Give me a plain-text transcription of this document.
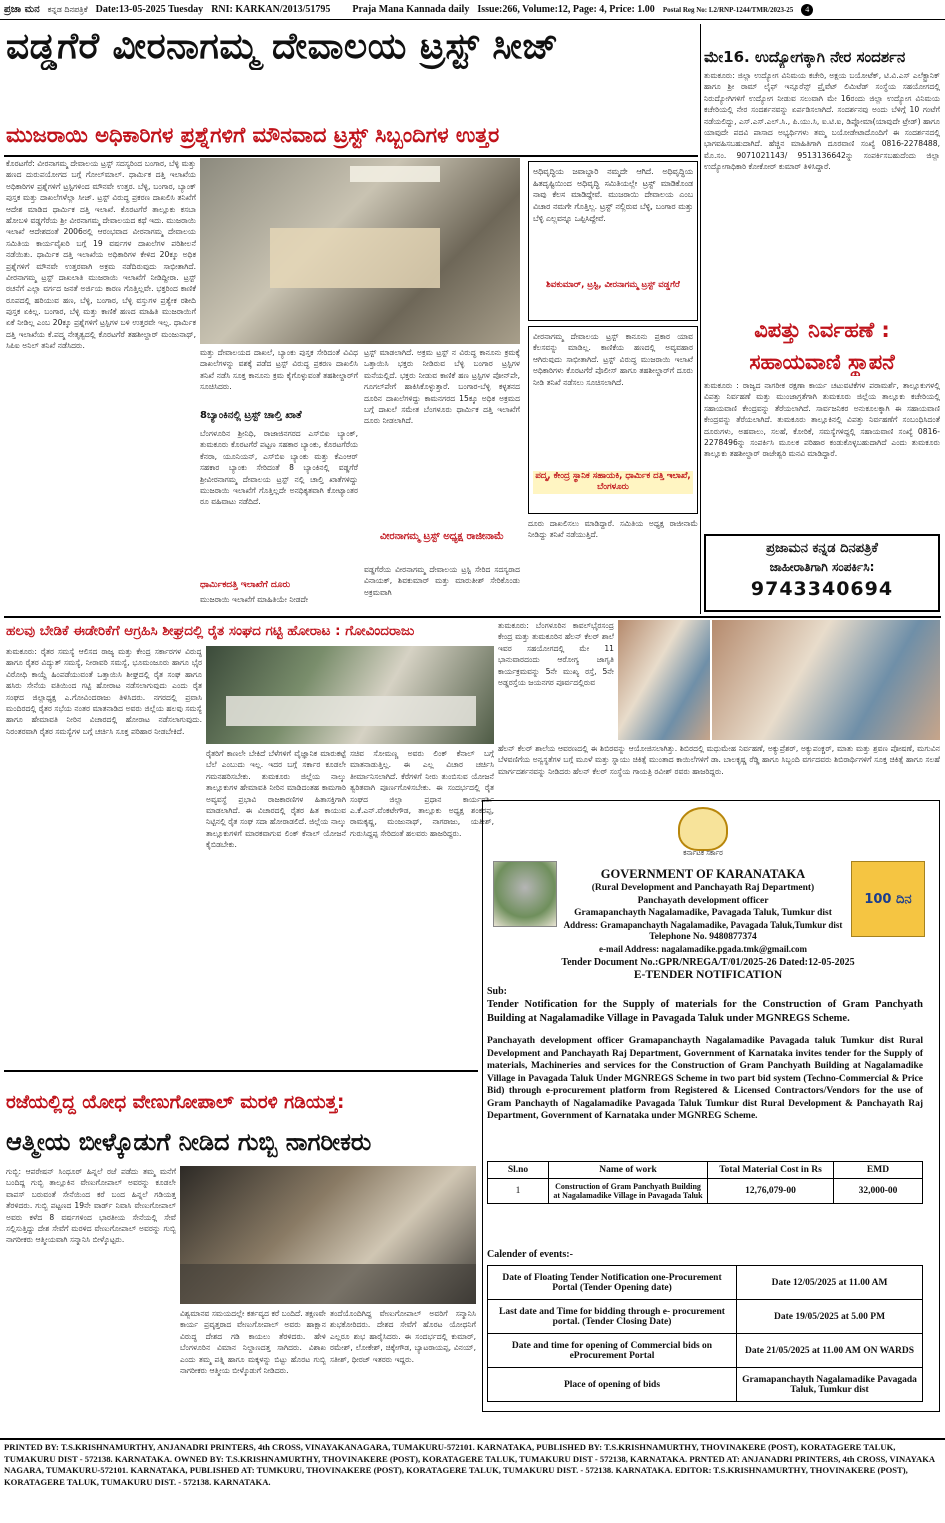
ಪ್ರಜಾ ಮನ ಕನ್ನಡ ದಿನಪತ್ರಿಕೆ Date:13-05-2025 Tuesday RNI: KARKAN/2013/51795 Praja Mana Kannada daily Issue:266, Volume:12, Page: 4, Price: 1.00 Postal Reg No: L2/RNP-1244/TMR/2023-25	4
ವಡ್ಡಗೆರೆ ವೀರನಾಗಮ್ಮ ದೇವಾಲಯ ಟ್ರಸ್ಟ್ ಸೀಜ್
ಮುಜರಾಯಿ ಅಧಿಕಾರಿಗಳ ಪ್ರಶ್ನೆಗಳಿಗೆ ಮೌನವಾದ ಟ್ರಸ್ಟ್ ಸಿಬ್ಬಂದಿಗಳ ಉತ್ತರ
ಕೊರಟಗೆರೆ: ವೀರನಾಗಮ್ಮ ದೇವಾಲಯ ಟ್ರಸ್ಟ್ ಸದಸ್ಯರಿಂದ ಬಂಗಾರ, ಬೆಳ್ಳಿ ಮತ್ತು ಹಣದ ದುರುಪಯೋಗದ ಬಗ್ಗೆ ಗೋಲ್‌ಮಾಲ್. ಧಾರ್ಮಿಕ ದತ್ತಿ ಇಲಾಖೆಯ ಅಧಿಕಾರಿಗಳ ಪ್ರಶ್ನೆಗಳಿಗೆ ಟ್ರಸ್ಟಿಗಳಿಂದ ಮೌನವೇ ಉತ್ತರ. ಬೆಳ್ಳಿ, ಬಂಗಾರ, ಬ್ಯಾಂಕ್ ಪುಸ್ತಕ ಮತ್ತು ದಾಖಲೆಗಳೆಲ್ಲಾ ಸೀಜ್. ಟ್ರಸ್ಟ್ ವಿರುದ್ಧ ಪ್ರಕರಣ ದಾಖಲಿಸಿ ತನಿಖೆಗೆ ಆದೇಶ ಮಾಡಿದ ಧಾರ್ಮಿಕ ದತ್ತಿ ಇಲಾಖೆ. ಕೊರಟಗೆರೆ ತಾಲ್ಲೂಕು ಕಸಬಾ ಹೋಬಳಿ ವಡ್ಡಗೆರೆಯ ಶ್ರೀ ವೀರನಾಗಮ್ಮ ದೇವಾಲಯದ ಕಥೆ ಇದು. ಮುಜರಾಯಿ ಇಲಾಖೆ ಆದೇಶದಂತೆ 2006ರಲ್ಲಿ ಆರಂಭವಾದ ವೀರನಾಗಮ್ಮ ದೇವಾಲಯ ಸಮಿತಿಯ ಕಾರ್ಯವೈಖರಿ ಬಗ್ಗೆ 19 ವರ್ಷಗಳ ದಾಖಲೆಗಳ ಪರಿಶೀಲನೆ ನಡೆಯಿತು. ಧಾರ್ಮಿಕ ದತ್ತಿ ಇಲಾಖೆಯ ಅಧಿಕಾರಿಗಳ ಕೇಳಿದ 20ಕ್ಕೂ ಅಧಿಕ ಪ್ರಶ್ನೆಗಳಿಗೆ ಮೌನವೇ ಉತ್ತರವಾಗಿ ಅಕ್ರಮ ನಡೆದಿರುವುದು ಸಾಭೀತಾಗಿದೆ. ವೀರನಾಗಮ್ಮ ಟ್ರಸ್ಟ್ ದಾಖಲಾತಿ ಮುಜರಾಯಿ ಇಲಾಖೆಗೆ ನೀಡಿದ್ದೀರಾ. ಟ್ರಸ್ಟ್ ರಚನೆಗೆ ಎಲ್ಲಾ ವರ್ಗದ ಜನತೆ ಅರ್ಜಿಯ ಕಾರಣ ಗೊತ್ತಿಲ್ಲವೇ. ಭಕ್ತರಿಂದ ಕಾಣಿಕೆ ರೂಪದಲ್ಲಿ ಹರಿಯುವ ಹಣ, ಬೆಳ್ಳಿ, ಬಂಗಾರ, ಬೆಳ್ಳಿ ವಸ್ತುಗಳ ಪ್ರತ್ಯೇಕ ರಶೀದಿ ಪುಸ್ತಕ ಏಕಿಲ್ಲ. ಬಂಗಾರ, ಬೆಳ್ಳಿ ಮತ್ತು ಕಾಣಿಕೆ ಹಣದ ಮಾಹಿತಿ ಮುಜರಾಯಿಗೆ ಏಕೆ ನೀಡಿಲ್ಲ ಎಂಬ 20ಕ್ಕೂ ಪ್ರಶ್ನೆಗಳಿಗೆ ಟ್ರಸ್ಟಿಗಳ ಬಳಿ ಉತ್ತರವೇ ಇಲ್ಲ. ಧಾರ್ಮಿಕ ದತ್ತಿ ಇಲಾಖೆಯ ಕೆ.ಪದ್ಮ ನೇತೃತ್ವದಲ್ಲಿ ಕೊರಟಗೆರೆ ತಹಶೀಲ್ದಾರ್ ಮಂಜುನಾಥ್, ಸಿಪಿಐ ಅನಿಲ್ ತನಿಖೆ ನಡೆಸಿದರು.
ಮತ್ತು ದೇವಾಲಯದ ದಾಖಲೆ, ಬ್ಯಾಂಕು ಪುಸ್ತಕ ಸೇರಿದಂತೆ ವಿವಿಧ ದಾಖಲೆಗಳನ್ನು ವಶಕ್ಕೆ ಪಡೆದ ಟ್ರಸ್ಟ್ ವಿರುದ್ಧ ಪ್ರಕರಣ ದಾಖಲಿಸಿ ತನಿಖೆ ನಡೆಸಿ ಸೂಕ್ತ ಕಾನೂನು ಕ್ರಮ ಕೈಗೊಳ್ಳುವಂತೆ ತಹಶೀಲ್ದಾರ್‌ಗೆ ಸೂಚಿಸಿದರು.
8ಬ್ಯಾಂಕಿನಲ್ಲಿ ಟ್ರಸ್ಟ್ ಚಾಲ್ತಿ ಖಾತೆ
ಬೆಂಗಳೂರಿನ ಶ್ರೀನಿಧಿ, ರಾಜಾಜಿನಗರದ ಎಸ್‌ಬಿಐ ಬ್ಯಾಂಕ್, ತುಮಕೂರು ಕೊರಟಗೆರೆ ಪಟ್ಟಣ ಸಹಕಾರ ಬ್ಯಾಂಕು, ಕೊರಟಗೆರೆಯ ಕೆನರಾ, ಯೂನಿಯನ್, ಎಸ್‌ಬಿಐ ಬ್ಯಾಂಕು ಮತ್ತು ಕೆಎಂಆರ್ ಸಹಕಾರ ಬ್ಯಾಂಕು ಸೇರಿದಂತೆ 8 ಬ್ಯಾಂಕಿನಲ್ಲಿ ವಡ್ಡಗೆರೆ ಶ್ರೀವೀರನಾಗಮ್ಮ ದೇವಾಲಯ ಟ್ರಸ್ಟ್ ನಲ್ಲಿ ಚಾಲ್ತಿ ಖಾತೆಗಳಿದ್ದು ಮುಜರಾಯಿ ಇಲಾಖೆಗೆ ಗೊತ್ತಿಲ್ಲದೇ ಅನಧಿಕೃತವಾಗಿ ಕೋಟ್ಯಾಂತರ ರೂ ವಹಿವಾಟು ನಡೆದಿದೆ.
ಧಾರ್ಮಿಕದತ್ತಿ ಇಲಾಖೆಗೆ ದೂರು
ಮುಜರಾಯಿ ಇಲಾಖೆಗೆ ಮಾಹಿತಿಯೇ ನೀಡದೇ
ಟ್ರಸ್ಟ್ ಮಾಡಲಾಗಿದೆ. ಅಕ್ರಮ ಟ್ರಸ್ಟ್ ನ ವಿರುದ್ಧ ಕಾನೂನು ಕ್ರಮಕ್ಕೆ ಒತ್ತಾಯಿಸಿ ಭಕ್ತರು ನೀಡಿರುವ ಬೆಳ್ಳಿ ಬಂಗಾರ ಟ್ರಸ್ಟಿಗಳ ಮನೆಯಲ್ಲಿದೆ. ಭಕ್ತರು ನೀಡುವ ಕಾಣಿಕೆ ಹಣ ಟ್ರಸ್ಟಿಗಳ ಪೋನ್‌ಪೇ, ಗೂಗಲ್‌ಪೇಗೆ ಹಾಕಿಸಿಕೊಳ್ಳುತ್ತಾರೆ. ಬಂಗಾರ-ಬೆಳ್ಳಿ ಕಳ್ಳತನದ ದೂರಿನ ದಾಖಲೆಗಳಿದ್ದು ಕಾಮನಗರದ 15ಕ್ಕೂ ಅಧಿಕ ಅಕ್ರಮದ ಬಗ್ಗೆ ದಾಖಲೆ ಸಮೇತ ಬೆಂಗಳೂರು ಧಾರ್ಮಿಕ ದತ್ತಿ ಇಲಾಖೆಗೆ ದೂರು ನೀಡಲಾಗಿದೆ.
ವೀರನಾಗಮ್ಮ ಟ್ರಸ್ಟ್ ಅಧ್ಯಕ್ಷ ರಾಜೀನಾಮೆ
ವಡ್ಡಗೆರೆಯ ವೀರನಾಗಮ್ಮ ದೇವಾಲಯ ಟ್ರಸ್ಟಿ ಸೇರಿದ ಸದಸ್ಯರಾದ ವಿನಾಯಕ್, ಶಿವಕುಮಾರ್ ಮತ್ತು ಮಾರುತೀಶ್ ಸೇರಿಕೊಂಡು ಅಕ್ರಮವಾಗಿ
ಅಧಿವೃದ್ಧಿಯ ಜವಾಬ್ದಾರಿ ನಮ್ಮದೇ ಆಗಿದೆ. ಅಧಿವೃದ್ಧಿಯ ಹಿತದೃಷ್ಟಿಯಿಂದ ಅಧಿವೃದ್ಧಿ ಸಮಿತಿಯಲ್ಲೇ ಟ್ರಸ್ಟ್ ಮಾಡಿಕೊಂಡ ನಾವು ಕೆಲಸ ಮಾಡಿದ್ದೇವೆ. ಮುಜರಾಯಿ ದೇವಾಲಯ ಎಂಬ ವಿಚಾರ ನಮಗೇ ಗೊತ್ತಿಲ್ಲ. ಟ್ರಸ್ಟ್ ನಲ್ಲಿರುವ ಬೆಳ್ಳಿ, ಬಂಗಾರ ಮತ್ತು ಬೆಳ್ಳಿ ಎಲ್ಲವನ್ನೂ ಒಪ್ಪಿಸಿದ್ದೇವೆ.
ಶಿವಕುಮಾರ್, ಟ್ರಸ್ಟಿ, ವೀರನಾಗಮ್ಮ ಟ್ರಸ್ಟ್ ವಡ್ಡಗೆರೆ
ವೀರನಾಗಮ್ಮ ದೇವಾಲಯ ಟ್ರಸ್ಟ್ ಕಾನೂನು ಪ್ರಕಾರ ಯಾವ ಕೆಲಸವನ್ನು ಮಾಡಿಲ್ಲ. ಕಾಣಿಕೆಯ ಹಣದಲ್ಲಿ ಅವ್ಯವಹಾರ ಆಗಿರುವುದು ಸಾಭೀತಾಗಿದೆ. ಟ್ರಸ್ಟ್ ವಿರುದ್ಧ ಮುಜರಾಯಿ ಇಲಾಖೆ ಅಧಿಕಾರಿಗಳು ಕೊರಟಗೆರೆ ಪೊಲೀಸ್ ಹಾಗೂ ತಹಶೀಲ್ದಾರ್‌ಗೆ ದೂರು ನೀಡಿ ತನಿಖೆ ನಡೆಸಲು ಸೂಚಿಸಲಾಗಿದೆ.
ಪದ್ಮ, ಕೇಂದ್ರ ಸ್ಥಾನಿಕ ಸಹಾಯಕಿ, ಧಾರ್ಮಿಕ ದತ್ತಿ ಇಲಾಖೆ, ಬೆಂಗಳೂರು
ದೂರು ದಾಖಲಿಸಲು ಮಾಡಿದ್ದಾರೆ. ಸಮಿತಿಯ ಅಧ್ಯಕ್ಷ ರಾಜೀನಾಮೆ ನೀಡಿದ್ದು ತನಿಖೆ ನಡೆಯುತ್ತಿದೆ.
ಮೇ16. ಉದ್ಯೋಗಕ್ಕಾಗಿ ನೇರ ಸಂದರ್ಶನ
ತುಮಕೂರು: ಜಿಲ್ಲಾ ಉದ್ಯೋಗ ವಿನಿಮಯ ಕಚೇರಿ, ಅಕ್ಷಯ ಬಯೋಟೆಕ್, ಟಿ.ವಿ.ಎಸ್ ಎಲೆಕ್ಟ್ರಾನಿಕ್ ಹಾಗೂ ಶ್ರೀ ರಾಮ್ ಲೈಫ್ ಇನ್ಸೂರೆನ್ಸ್ ಪ್ರೈವೆಟ್ ಲಿಮಿಟೆಡ್ ಸಂಸ್ಥೆಯ ಸಹಯೋಗದಲ್ಲಿ ನಿರುದ್ಯೋಗಿಗಳಿಗೆ ಉದ್ಯೋಗ ನೀಡುವ ಸಲುವಾಗಿ ಮೇ 16ರಂದು ಜಿಲ್ಲಾ ಉದ್ಯೋಗ ವಿನಿಮಯ ಕಚೇರಿಯಲ್ಲಿ ನೇರ ಸಂದರ್ಶನವನ್ನು ಏರ್ಪಡಿಸಲಾಗಿದೆ. ಸಂದರ್ಶನವು ಅಂದು ಬೆಳಿಗ್ಗೆ 10 ಗಂಟೆಗೆ ನಡೆಯಲಿದ್ದು, ಎಸ್.ಎಸ್.ಎಲ್.ಸಿ., ಪಿ.ಯು.ಸಿ, ಐ.ಟಿ.ಐ, ಡಿಪ್ಲೋಮಾ(ಯಾವುದೇ ಟ್ರೇಡ್) ಹಾಗೂ ಯಾವುದೇ ಪದವಿ ಪಾಸಾದ ಅಭ್ಯರ್ಥಿಗಳು ತಮ್ಮ ಬಯೋಡೇಟಾದೊಂದಿಗೆ ಈ ಸಂದರ್ಶನದಲ್ಲಿ ಭಾಗವಹಿಸಬಹುದಾಗಿದೆ. ಹೆಚ್ಚಿನ ಮಾಹಿತಿಗಾಗಿ ದೂರವಾಣಿ ಸಂಖ್ಯೆ 0816-2278488, ಮೊ.ಸಂ. 9071021143/ 9513136642ನ್ನು ಸಂಪರ್ಕಿಸಬಹುದೆಂದು ಜಿಲ್ಲಾ ಉದ್ಯೋಗಾಧಿಕಾರಿ ಕೋಕೋರ್ ಕುಮಾರ್ ತಿಳಿಸಿದ್ದಾರೆ.
ವಿಪತ್ತು ನಿರ್ವಹಣೆ :
ಸಹಾಯವಾಣಿ ಸ್ಥಾಪನೆ
ತುಮಕೂರು : ರಾಜ್ಯದ ನಾಗರೀಕ ರಕ್ಷಣಾ ಕಾರ್ಯ ಚಟುವಟಿಕೆಗಳ ಪರಾಮರ್ಶೆ, ತಾಲ್ಲೂಕುಗಳಲ್ಲಿ ವಿಪತ್ತು ನಿರ್ವಹಣೆ ಮತ್ತು ಮುಂಜಾಗ್ರತೆಗಾಗಿ ತುಮಕೂರು ಜಿಲ್ಲೆಯ ತಾಲ್ಲೂಕು ಕಚೇರಿಯಲ್ಲಿ ಸಹಾಯವಾಣಿ ಕೇಂದ್ರವನ್ನು ತೆರೆಯಲಾಗಿದೆ. ಸಾರ್ವಜನಿಕರ ಅನುಕೂಲಕ್ಕಾಗಿ ಈ ಸಹಾಯವಾಣಿ ಕೇಂದ್ರವನ್ನು ತೆರೆಯಲಾಗಿದೆ. ತುಮಕೂರು ತಾಲ್ಲೂಕಿನಲ್ಲಿ ವಿಪತ್ತು ನಿರ್ವಹಣೆಗೆ ಸಂಬಂಧಿಸಿದಂತೆ ದೂರುಗಳು, ಅಹವಾಲು, ಸಲಹೆ, ಕೋರಿಕೆ, ಸಮಸ್ಯೆಗಳಿದ್ದಲ್ಲಿ ಸಹಾಯವಾಣಿ ಸಂಖ್ಯೆ 0816-2278496ನ್ನು ಸಂಪರ್ಕಿಸಿ ಮೂಲಕ ಪರಿಹಾರ ಕಂಡುಕೊಳ್ಳಬಹುದಾಗಿದೆ ಎಂದು ತುಮಕೂರು ತಾಲ್ಲೂಕು ತಹಶೀಲ್ದಾರ್ ರಾಜೇಶ್ವರಿ ಮನವಿ ಮಾಡಿದ್ದಾರೆ.
ಪ್ರಜಾಮನ ಕನ್ನಡ ದಿನಪತ್ರಿಕೆ
ಜಾಹೀರಾತಿಗಾಗಿ ಸಂಪರ್ಕಿಸಿ:
9743340694
ಹಲವು ಬೇಡಿಕೆ ಈಡೇರಿಕೆಗೆ ಆಗ್ರಹಿಸಿ ಶೀಘ್ರದಲ್ಲಿ ರೈತ ಸಂಘದ ಗಟ್ಟಿ ಹೋರಾಟ : ಗೋವಿಂದರಾಜು
ತುಮಕೂರು: ರೈತರ ಸಮಸ್ಯೆ ಆಲಿಸದ ರಾಜ್ಯ ಮತ್ತು ಕೇಂದ್ರ ಸರ್ಕಾರಗಳ ವಿರುದ್ಧ ಹಾಗೂ ರೈತರ ವಿದ್ಯುತ್ ಸಮಸ್ಯೆ, ನೀರಾವರಿ ಸಮಸ್ಯೆ, ಭೂಮಂಜೂರು ಹಾಗೂ ಭೈರ ವಿರೋಧಿ ಕಾಯ್ದೆ ಹಿಂಪಡೆಯುವಂತೆ ಒತ್ತಾಯಿಸಿ ಶೀಘ್ರದಲ್ಲಿ ರೈತ ಸಂಘ ಹಾಗೂ ಹಸಿರು ಸೇನೆಯ ವತಿಯಿಂದ ಗಟ್ಟಿ ಹೋರಾಟ ನಡೆಸಲಾಗುವುದು ಎಂದು ರೈತ ಸಂಘದ ಜಿಲ್ಲಾಧ್ಯಕ್ಷ ಎ.ಗೋವಿಂದರಾಜು ತಿಳಿಸಿದರು. ನಗರದಲ್ಲಿ ಪ್ರವಾಸಿ ಮಂದಿರದಲ್ಲಿ ರೈತರ ಸಭೆಯ ನಂತರ ಮಾತನಾಡಿದ ಅವರು ಜಿಲ್ಲೆಯ ಹಲವು ಸಮಸ್ಯೆ ಹಾಗೂ ಹೇಮಾವತಿ ನೀರಿನ ವಿಚಾರದಲ್ಲಿ ಹೋರಾಟ ನಡೆಸಲಾಗುವುದು. ನಿರಂತರವಾಗಿ ರೈತರ ಸಮಸ್ಯೆಗಳ ಬಗ್ಗೆ ಚರ್ಚಿಸಿ ಸೂಕ್ತ ಪರಿಹಾರ ನೀಡಬೇಕಿದೆ.
ರೈತರಿಗೆ ಕಾಣಲೇ ಬೇಕಿದೆ ಬೆಳೆಗಳಿಗೆ ವೈಜ್ಞಾನಿಕ ಮಾರುಕಟ್ಟೆ ಬೆಲೆ ಎಂಬುದು ಇಲ್ಲ. ಇದರ ಬಗ್ಗೆ ಸರ್ಕಾರ ಕೂಡಲೇ ಗಮನಹರಿಸಬೇಕು. ತುಮಕೂರು ಜಿಲ್ಲೆಯ ನಾಲ್ಕು ತಾಲ್ಲೂಕುಗಳ ಹೇಮಾವತಿ ನೀರಿನ ಮಾಡಿದಂತಹ ಕಾಮಗಾರಿ ಅವ್ಯವಸ್ಥೆ ಪ್ರಭಾವಿ ರಾಜಕಾರಣಿಗಳ ಹಿತಾಸಕ್ತಿಗಾಗಿ ಮಾಡಲಾಗಿದೆ. ಈ ವಿಚಾರದಲ್ಲಿ ರೈತರ ಹಿತ ಕಾಯುವ ನಿಟ್ಟಿನಲ್ಲಿ ರೈತ ಸಂಘ ಸದಾ ಹೋರಾಡಲಿದೆ. ಜಿಲ್ಲೆಯ ನಾಲ್ಕು ತಾಲ್ಲೂಕುಗಳಿಗೆ ಮಾರಕವಾಗುವ ಲಿಂಕ್ ಕೆನಾಲ್ ಯೋಜನೆ ಕೈಬಿಡಬೇಕು.
ಸಚಿವ ಸೋಮಣ್ಣ ಅವರು ಲಿಂಕ್ ಕೆನಾಲ್ ಬಗ್ಗೆ ಮಾತನಾಡುತ್ತಿಲ್ಲ. ಈ ಎಲ್ಲ ವಿಚಾರ ಚರ್ಚಿಸಿ ತೀರ್ಮಾನಿಸಲಾಗಿದೆ. ಕೆರೆಗಳಿಗೆ ನೀರು ತುಂಬಿಸುವ ಯೋಜನೆ ತ್ವರಿತವಾಗಿ ಪೂರ್ಣಗೊಳಿಸಬೇಕು. ಈ ಸಂದರ್ಭದಲ್ಲಿ ರೈತ ಸಂಘದ ಜಿಲ್ಲಾ ಪ್ರಧಾನ ಕಾರ್ಯದರ್ಶಿ ಎ.ಕೆ.ಎನ್.ವೆಂಕಟೇಗೌಡ, ತಾಲ್ಲೂಕು ಅಧ್ಯಕ್ಷ ಶಂಕರಪ್ಪ, ರಾಮಕೃಷ್ಣ, ಮಂಜುನಾಥ್, ನಾಗರಾಜು, ಯತೀಶ್, ಗುರುಸಿದ್ದಪ್ಪ ಸೇರಿದಂತೆ ಹಲವರು ಹಾಜರಿದ್ದರು.
ತುಮಕೂರು: ಬೆಂಗಳೂರಿನ ಕಾವಲ್‌ಭೈರಸಂದ್ರ ಕೇಂದ್ರ ಮತ್ತು ತುಮಕೂರಿನ ಹೆಲನ್ ಕೆಲರ್ ಶಾಲೆ ಇವರ ಸಹಯೋಗದಲ್ಲಿ ಮೇ 11 ಭಾನುವಾರದಂದು ಆರೋಗ್ಯ ಜಾಗೃತಿ ಕಾರ್ಯಕ್ರಮವನ್ನು 5ನೇ ಮುಖ್ಯ ರಸ್ತೆ, 5ನೇ ಅಡ್ಡರಸ್ತೆಯ ಜಯನಗರ ಪೂರ್ವದಲ್ಲಿರುವ
ಹೆಲನ್ ಕೆಲರ್ ಶಾಲೆಯ ಆವರಣದಲ್ಲಿ ಈ ಶಿಬಿರವನ್ನು ಆಯೋಜಿಸಲಾಗಿತ್ತು. ಶಿಬಿರದಲ್ಲಿ ಮಧುಮೇಹ ನಿರ್ವಹಣೆ, ಅಕ್ಯುಪ್ರೆಶರ್, ಅಕ್ಯುಪಂಕ್ಚರ್, ಮಾತು ಮತ್ತು ಶ್ರವಣ ಪೋಷಣೆ, ಮಗುವಿನ ಬೆಳವಣಿಗೆಯ ಅನ್ವಸ್ಥತೆಗಳ ಬಗ್ಗೆ ಮೂಳೆ ಮತ್ತು ಸ್ನಾಯು ಚಿಕಿತ್ಸೆ ಮುಂತಾದ ಕಾಯಿಲೆಗಳಿಗೆ ಡಾ. ಬಾಲಕೃಷ್ಣ ರೆಡ್ಡಿ ಹಾಗೂ ಸಿಬ್ಬಂದಿ ವರ್ಗದವರು ಶಿಬಿರಾರ್ಥಿಗಳಿಗೆ ಸೂಕ್ತ ಚಿಕಿತ್ಸೆ ಹಾಗೂ ಸಲಹೆ ಮಾರ್ಗದರ್ಶನವನ್ನು ನೀಡಿದರು ಹೆಲನ್ ಕೆಲರ್ ಸಂಸ್ಥೆಯ ಗಾಯತ್ರಿ ರವೀಶ್ ರವರು ಹಾಜರಿದ್ದರು.
ಕರ್ನಾಟಕ ಸರ್ಕಾರ
100 ದಿನ
GOVERNMENT OF KARANATAKA
(Rural Development and Panchayath Raj Department)
Panchayath development officer
Gramapanchayth Nagalamadike, Pavagada Taluk, Tumkur dist
Address: Gramapanchayth Nagalamadike, Pavagada Taluk,Tumkur dist
Telephone No. 9480877374
e-mail Address: nagalamadike.pgada.tmk@gmail.com
Tender Document No.:GPR/NREGA/T/01/2025-26 Dated:12-05-2025
E-TENDER NOTIFICATION
Sub:
Tender Notification for the Supply of materials for the Construction of Gram Panchyath Building at Nagalamadike Village in Pavagada Taluk under MGNREGS Scheme.
Panchayath development officer Gramapanchayth Nagalamadike Pavagada taluk Tumkur dist Rural Development and Panchayath Raj Department, Government of Karnataka invites tender for the Supply of materials, Machineries and services for the Construction of Gram Panchyath Building at Nagalamadike Village in Pavagada Taluk Under MGNREGS Scheme in two part bid system (Techno-Commercial & Price Bid) through e-procurement platform from Registered & Licensed Contractors/Vendors for the use of Gram Panchayth of Nagalamadike Pavagada Taluk Tumkur dist Rural Development & Panchayath Raj Department, Government of Karnataka under MGNREG Scheme.
Sl.no	Name of work	Total Material Cost in Rs	EMD
1	Construction of Gram Panchyath Building at Nagalamadike Village in Pavagada Taluk	12,76,079-00	32,000-00
Calender of events:-
Date of Floating Tender Notification one-Procurement Portal (Tender Opening date)	Date 12/05/2025 at 11.00 AM
Last date and Time for bidding through e- procurement portal. (Tender Closing Date)	Date 19/05/2025 at 5.00 PM
Date and time for opening of Commercial bids on eProcurement Portal	Date 21/05/2025 at 11.00 AM ON WARDS
Place of opening of bids	Gramapanchayth Nagalamadike Pavagada Taluk, Tumkur dist
ರಜೆಯಲ್ಲಿದ್ದ ಯೋಧ ವೇಣುಗೋಪಾಲ್ ಮರಳಿ ಗಡಿಯತ್ತ:
ಆತ್ಮೀಯ ಬೀಳ್ಕೊಡುಗೆ ನೀಡಿದ ಗುಬ್ಬಿ ನಾಗರೀಕರು
ಗುಬ್ಬಿ: ಆಪರೇಷನ್ ಸಿಂಧೂರ್ ಹಿನ್ನಲೆ ರಜೆ ಪಡೆದು ತಮ್ಮ ಮನೆಗೆ ಬಂದಿದ್ದ ಗುಬ್ಬಿ ತಾಲ್ಲೂಕಿನ ವೇಣುಗೋಪಾಲ್ ಅವರನ್ನು ಕೂಡಲೇ ವಾಪಸ್ ಬರುವಂತೆ ಸೇನೆಯಿಂದ ಕರೆ ಬಂದ ಹಿನ್ನಲೆ ಗಡಿಯತ್ತ ತೆರಳಿದರು. ಗುಬ್ಬಿ ಪಟ್ಟಣದ 19ನೇ ವಾರ್ಡ್ ನಿವಾಸಿ ವೇಣುಗೋಪಾಲ್ ಅವರು ಕಳೆದ 8 ವರ್ಷಗಳಿಂದ ಭಾರತೀಯ ಸೇನೆಯಲ್ಲಿ ಸೇವೆ ಸಲ್ಲಿಸುತ್ತಿದ್ದು ದೇಶ ಸೇವೆಗೆ ಮರಳಿದ ವೇಣುಗೋಪಾಲ್ ಅವರನ್ನು ಗುಬ್ಬಿ ನಾಗರೀಕರು ಆತ್ಮೀಯವಾಗಿ ಸನ್ಮಾನಿಸಿ ಬೀಳ್ಕೊಟ್ಟರು.
ವಿಶ್ವಮಾನವ ಸಮಯದಲ್ಲೇ ಕರ್ತವ್ಯದ ಕರೆ ಬಂದಿದೆ. ತಕ್ಷಣವೇ ಕಾರ್ಯ ಪ್ರವೃತ್ತರಾದ ವೇಣುಗೋಪಾಲ್ ಅವರು ಹಾಕ್ಷಾನ ವಿರುದ್ಧ ದೇಶದ ಗಡಿ ಕಾಯಲು ತೆರಳಿದರು. ಹೇಳಿ ಬೆಂಗಳೂರಿನ ವಿಮಾನ ನಿಲ್ದಾಣದತ್ತ ಸಾಗಿದರು. ವಿಶಾಖ ಎಂದು ತಮ್ಮ ಪತ್ನಿ ಹಾಗೂ ಮಕ್ಕಳನ್ನು ಬಿಟ್ಟು ಹೊರಟ ಗುಬ್ಬಿ ನಾಗರೀಕರು ಆತ್ಮೀಯ ಬೀಳ್ಕೊಡುಗೆ ನೀಡಿದರು.
ತಂದೆಯೊಂದಿಗಿದ್ದ ವೇಣುಗೋಪಾಲ್ ಅವರಿಗೆ ಸನ್ಮಾನಿಸಿ ಶುಭಕೋರಿದರು. ದೇಶದ ಸೇವೆಗೆ ಹೊರಟ ಯೋಧನಿಗೆ ಎಲ್ಲರೂ ಶುಭ ಹಾರೈಸಿದರು. ಈ ಸಂದರ್ಭದಲ್ಲಿ ಕುಮಾರ್, ರಮೇಶ್, ಲೋಕೇಶ್, ಚಿಕ್ಕೇಗೌಡ, ಬ್ಯಾಟರಾಯಪ್ಪ, ವಿನಯ್, ಸತೀಶ್, ಧೀರಜ್ ಇತರರು ಇದ್ದರು.
PRINTED BY: T.S.KRISHNAMURTHY, ANJANADRI PRINTERS, 4th CROSS, VINAYAKANAGARA, TUMAKURU-572101. KARNATAKA, PUBLISHED BY: T.S.KRISHNAMURTHY, THOVINAKERE (POST), KORATAGERE TALUK, TUMAKURU DIST - 572138. KARNATAKA. OWNED BY: T.S.KRISHNAMURTHY, THOVINAKERE (POST), KORATAGERE TALUK, TUMAKURU DIST - 572138, KARNATAKA. PRNTED AT: ANJANADRI PRINTERS, 4th CROSS, VINAYAKA NAGARA, TUMAKURU-572101. KARNATAKA, PUBLISHED AT: TUMKURU, THOVINAKERE (POST), KORATAGERE TALUK, TUMAKURU DIST. - 572138. KARNATAKA. EDITOR: T.S.KRISHNAMURTHY, THOVINAKERE (POST), KORATAGERE TALUK, TUMAKURU DIST. - 572138. KARNATAKA.
